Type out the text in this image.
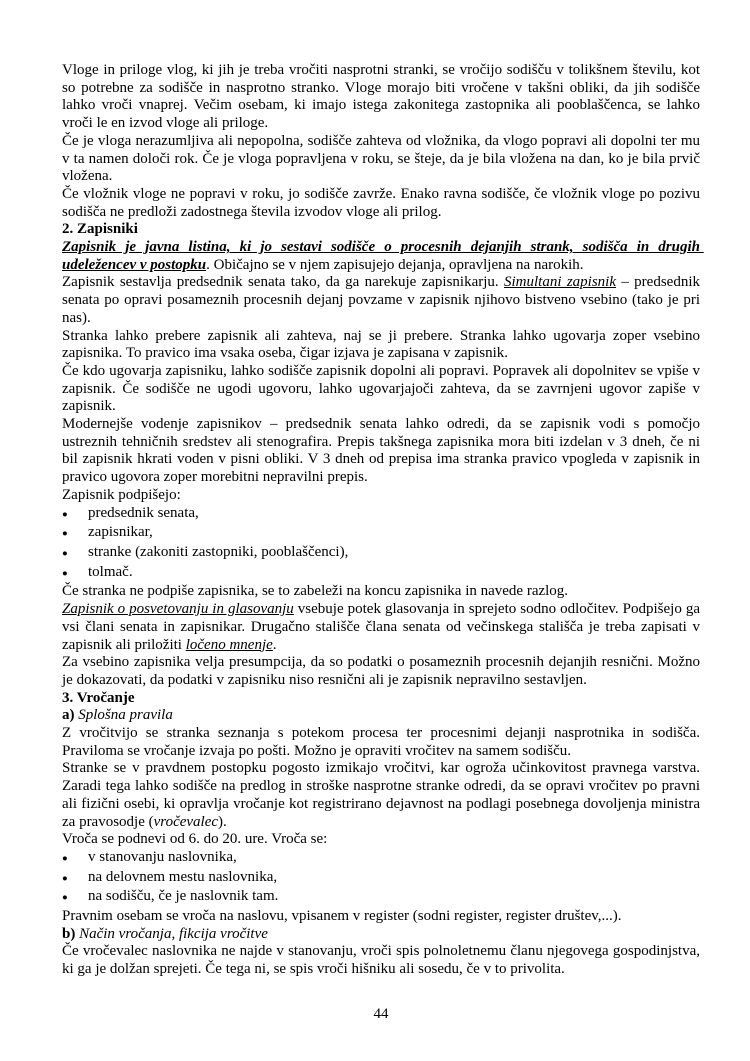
Vloge in priloge vlog, ki jih je treba vročiti nasprotni stranki, se vročijo sodišču v tolikšnem številu, kot so potrebne za sodišče in nasprotno stranko. Vloge morajo biti vročene v takšni obliki, da jih sodišče lahko vroči vnaprej. Večim osebam, ki imajo istega zakonitega zastopnika ali pooblaščenca, se lahko vroči le en izvod vloge ali priloge.

Če je vloga nerazumljiva ali nepopolna, sodišče zahteva od vložnika, da vlogo popravi ali dopolni ter mu v ta namen določi rok. Če je vloga popravljena v roku, se šteje, da je bila vložena na dan, ko je bila prvič vložena.

Če vložnik vloge ne popravi v roku, jo sodišče zavrže. Enako ravna sodišče, če vložnik vloge po pozivu sodišča ne predloži zadostnega števila izvodov vloge ali prilog.

2. Zapisniki

Zapisnik je javna listina, ki jo sestavi sodišče o procesnih dejanjih strank, sodišča in drugih udeležencev v postopku. Običajno se v njem zapisujejo dejanja, opravljena na narokih.

Zapisnik sestavlja predsednik senata tako, da ga narekuje zapisnikarju. Simultani zapisnik – predsednik senata po opravi posameznih procesnih dejanj povzame v zapisnik njihovo bistveno vsebino (tako je pri nas).

Stranka lahko prebere zapisnik ali zahteva, naj se ji prebere. Stranka lahko ugovarja zoper vsebino zapisnika. To pravico ima vsaka oseba, čigar izjava je zapisana v zapisnik.

Če kdo ugovarja zapisniku, lahko sodišče zapisnik dopolni ali popravi. Popravek ali dopolnitev se vpiše v zapisnik. Če sodišče ne ugodi ugovoru, lahko ugovarjajoči zahteva, da se zavrnjeni ugovor zapiše v zapisnik.

Modernejše vodenje zapisnikov – predsednik senata lahko odredi, da se zapisnik vodi s pomočjo ustreznih tehničnih sredstev ali stenografira. Prepis takšnega zapisnika mora biti izdelan v 3 dneh, če ni bil zapisnik hkrati voden v pisni obliki. V 3 dneh od prepisa ima stranka pravico vpogleda v zapisnik in pravico ugovora zoper morebitni nepravilni prepis.

Zapisnik podpišejo:

●	predsednik senata,
●	zapisnikar,
●	stranke (zakoniti zastopniki, pooblaščenci),
●	tolmač.

Če stranka ne podpiše zapisnika, se to zabeleži na koncu zapisnika in navede razlog.

Zapisnik o posvetovanju in glasovanju vsebuje potek glasovanja in sprejeto sodno odločitev. Podpišejo ga vsi člani senata in zapisnikar. Drugačno stališče člana senata od večinskega stališča je treba zapisati v zapisnik ali priložiti ločeno mnenje.

Za vsebino zapisnika velja presumpcija, da so podatki o posameznih procesnih dejanjih resnični. Možno je dokazovati, da podatki v zapisniku niso resnični ali je zapisnik nepravilno sestavljen.

3. Vročanje

a) Splošna pravila

Z vročitvijo se stranka seznanja s potekom procesa ter procesnimi dejanji nasprotnika in sodišča. Praviloma se vročanje izvaja po pošti. Možno je opraviti vročitev na samem sodišču.

Stranke se v pravdnem postopku pogosto izmikajo vročitvi, kar ogroža učinkovitost pravnega varstva. Zaradi tega lahko sodišče na predlog in stroške nasprotne stranke odredi, da se opravi vročitev po pravni ali fizični osebi, ki opravlja vročanje kot registrirano dejavnost na podlagi posebnega dovoljenja ministra za pravosodje (vročevalec).

Vroča se podnevi od 6. do 20. ure. Vroča se:

●	v stanovanju naslovnika,
●	na delovnem mestu naslovnika,
●	na sodišču, če je naslovnik tam.

Pravnim osebam se vroča na naslovu, vpisanem v register (sodni register, register društev,...).

b) Način vročanja, fikcija vročitve

Če vročevalec naslovnika ne najde v stanovanju, vroči spis polnoletnemu članu njegovega gospodinjstva, ki ga je dolžan sprejeti. Če tega ni, se spis vroči hišniku ali sosedu, če v to privolita.

44
